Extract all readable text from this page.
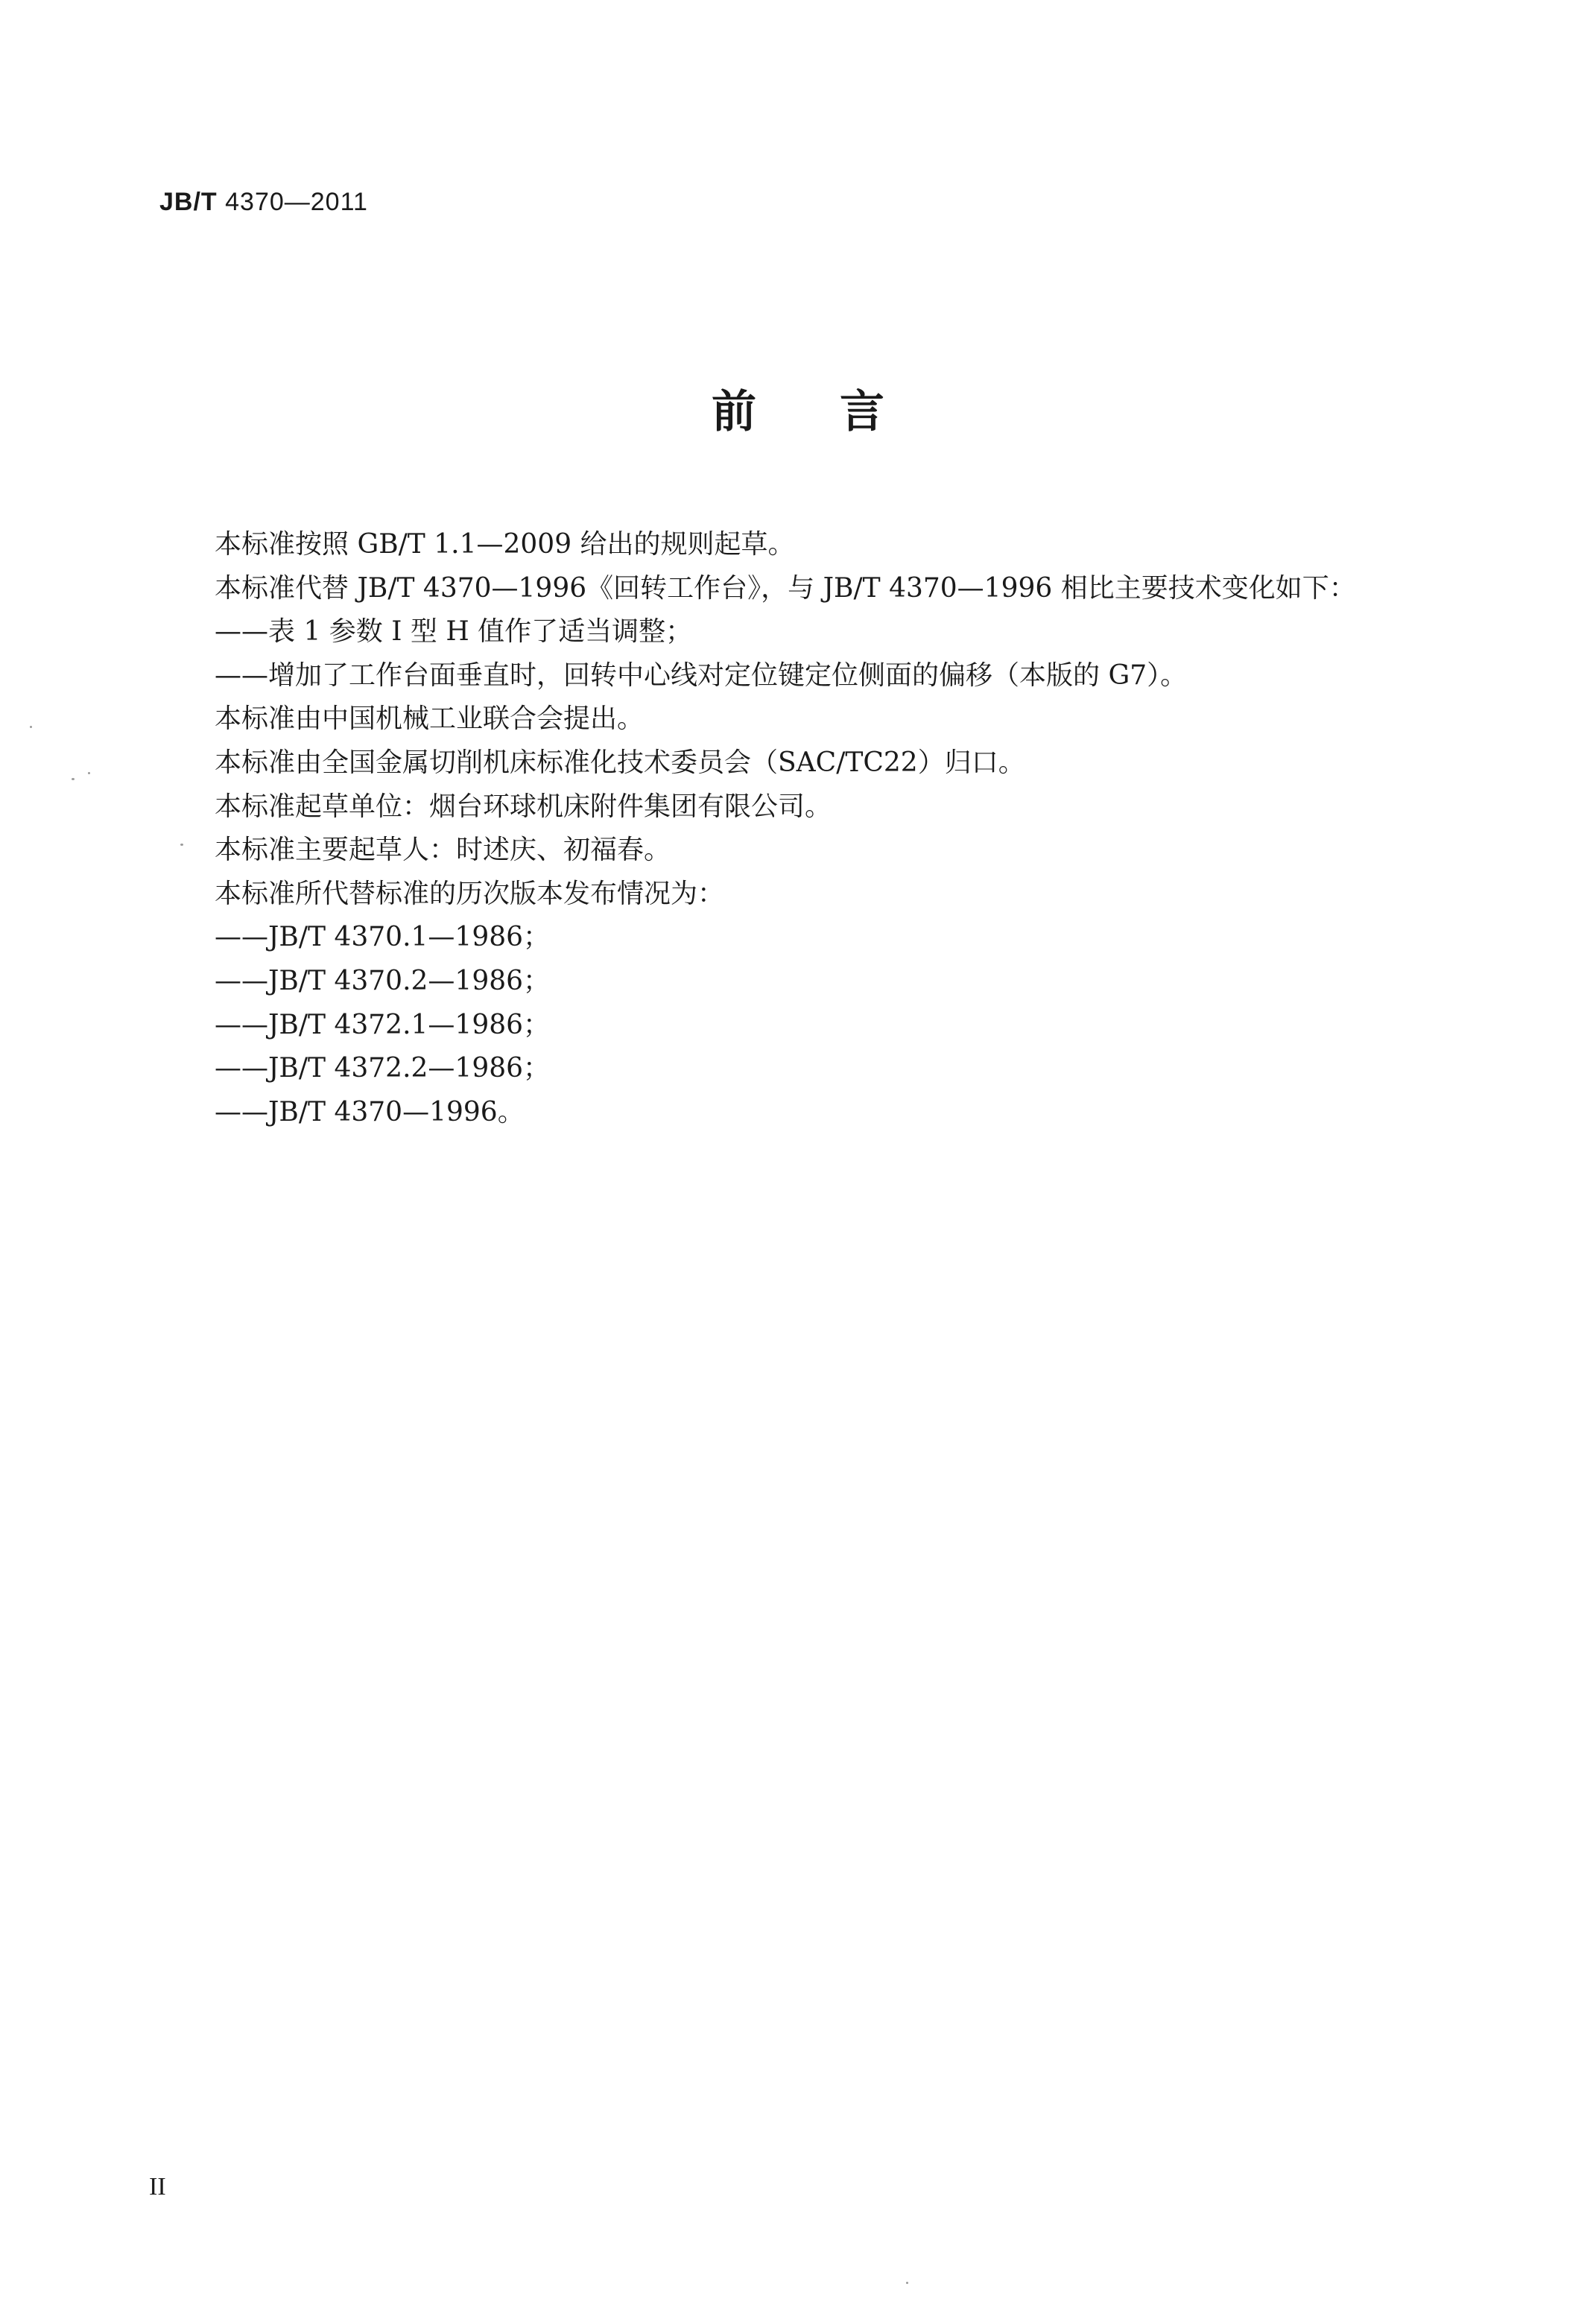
JB/T 4370—2011
前言
本标准按照 GB/T 1.1—2009 给出的规则起草。
本标准代替 JB/T 4370—1996《回转工作台》，与 JB/T 4370—1996 相比主要技术变化如下：
——表 1 参数 I 型 H 值作了适当调整；
——增加了工作台面垂直时，回转中心线对定位键定位侧面的偏移（本版的 G7）。
本标准由中国机械工业联合会提出。
本标准由全国金属切削机床标准化技术委员会（SAC/TC22）归口。
本标准起草单位：烟台环球机床附件集团有限公司。
本标准主要起草人：时述庆、初福春。
本标准所代替标准的历次版本发布情况为：
——JB/T 4370.1—1986；
——JB/T 4370.2—1986；
——JB/T 4372.1—1986；
——JB/T 4372.2—1986；
——JB/T 4370—1996。
II
